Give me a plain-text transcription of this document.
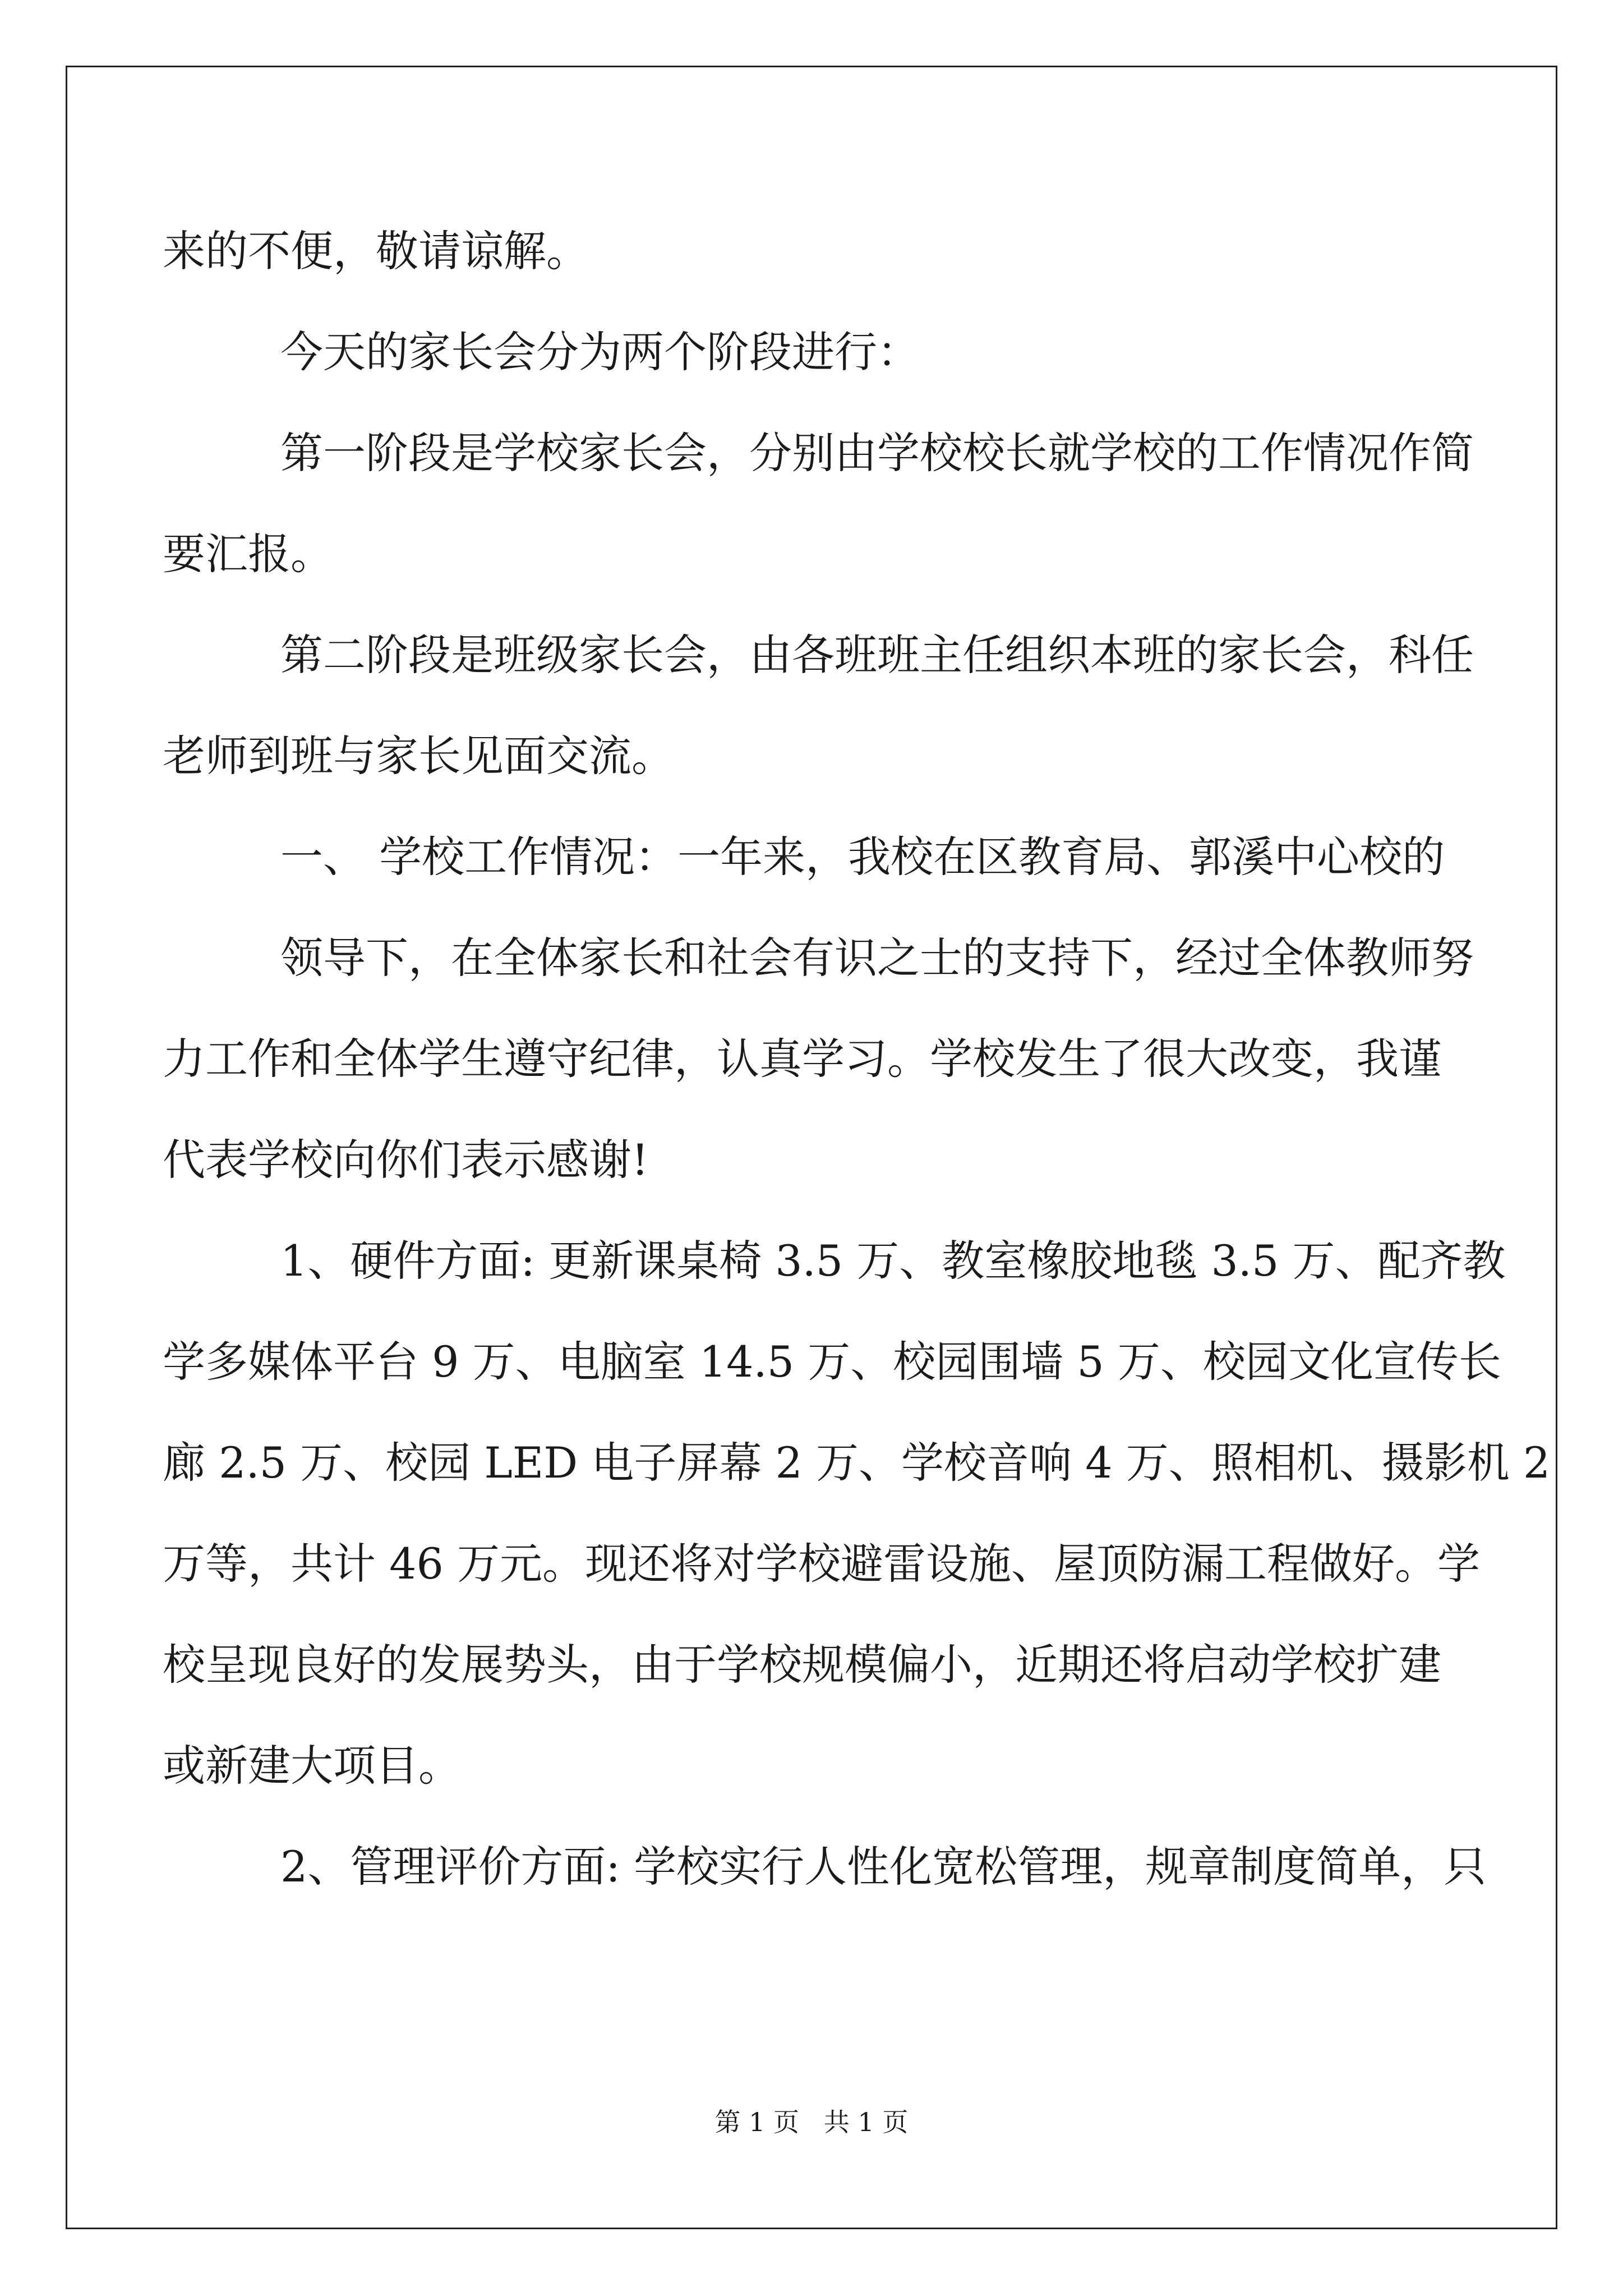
来的不便，敬请谅解。
今天的家长会分为两个阶段进行：
第一阶段是学校家长会，分别由学校校长就学校的工作情况作简
要汇报。
第二阶段是班级家长会，由各班班主任组织本班的家长会，科任
老师到班与家长见面交流。
一、 学校工作情况：一年来，我校在区教育局、郭溪中心校的
领导下，在全体家长和社会有识之士的支持下，经过全体教师努
力工作和全体学生遵守纪律，认真学习。学校发生了很大改变，我谨
代表学校向你们表示感谢!
1、硬件方面: 更新课桌椅 3.5 万、教室橡胶地毯 3.5 万、配齐教
学多媒体平台 9 万、电脑室 14.5 万、校园围墙 5 万、校园文化宣传长
廊 2.5 万、校园 LED 电子屏幕 2 万、学校音响 4 万、照相机、摄影机 2
万等，共计 46 万元。现还将对学校避雷设施、屋顶防漏工程做好。学
校呈现良好的发展势头，由于学校规模偏小，近期还将启动学校扩建
或新建大项目。
2、管理评价方面: 学校实行人性化宽松管理，规章制度简单，只
第 1 页   共 1 页
